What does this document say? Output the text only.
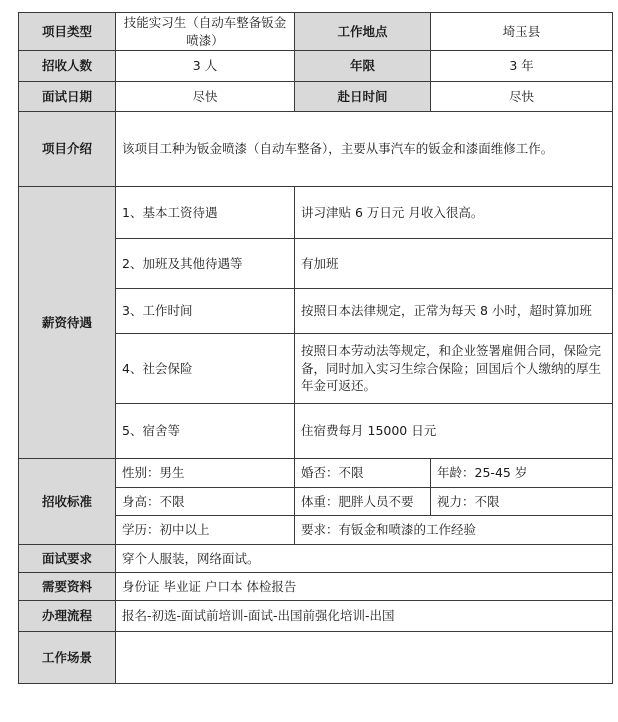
项目类型	技能实习生（自动车整备钣金喷漆）	工作地点	埼玉县
招收人数	3 人	年限	3 年
面试日期	尽快	赴日时间	尽快
项目介绍	该项目工种为钣金喷漆（自动车整备），主要从事汽车的钣金和漆面维修工作。		
薪资待遇	1、基本工资待遇	讲习津贴 6 万日元 月收入很高。	
	2、加班及其他待遇等	有加班	
	3、工作时间	按照日本法律规定，正常为每天 8 小时，超时算加班	
	4、社会保险	按照日本劳动法等规定，和企业签署雇佣合同，保险完备，同时加入实习生综合保险；回国后个人缴纳的厚生年金可返还。	
	5、宿舍等	住宿费每月 15000 日元	
招收标准	性别：男生	婚否：不限	年龄：25-45 岁
	身高：不限	体重：肥胖人员不要	视力：不限
	学历：初中以上	要求：有钣金和喷漆的工作经验	
面试要求	穿个人服装，网络面试。		
需要资料	身份证 毕业证 户口本 体检报告		
办理流程	报名-初选-面试前培训-面试-出国前强化培训-出国		
工作场景			
